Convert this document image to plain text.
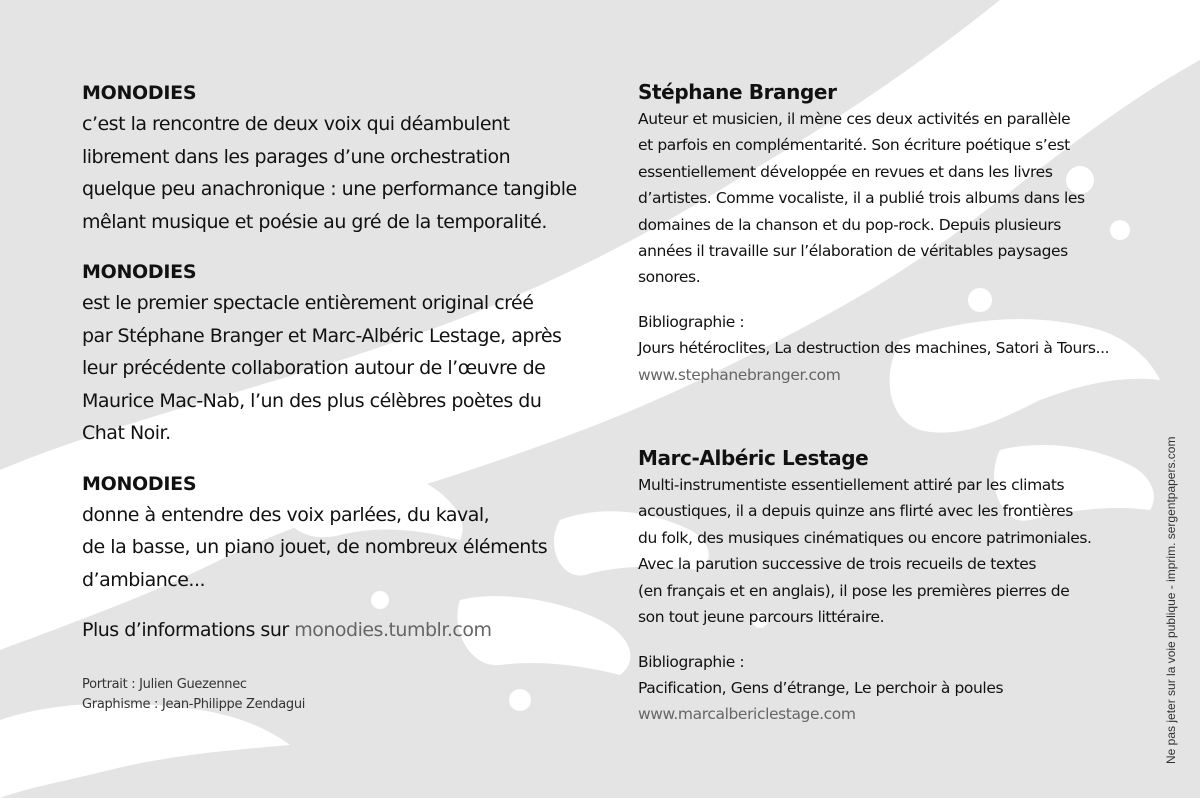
MONODIES

c’est la rencontre de deux voix qui déambulent
librement dans les parages d’une orchestration
quelque peu anachronique : une performance tangible
mêlant musique et poésie au gré de la temporalité.

MONODIES

est le premier spectacle entièrement original créé
par Stéphane Branger et Marc-Albéric Lestage, après
leur précédente collaboration autour de l’œuvre de
Maurice Mac-Nab, l’un des plus célèbres poètes du
Chat Noir.

MONODIES

donne à entendre des voix parlées, du kaval,
de la basse, un piano jouet, de nombreux éléments
d’ambiance...

Plus d’informations sur monodies.tumblr.com

Portrait : Julien Guezennec
Graphisme : Jean-Philippe Zendagui

Stéphane Branger

Auteur et musicien, il mène ces deux activités en parallèle
et parfois en complémentarité. Son écriture poétique s’est
essentiellement développée en revues et dans les livres
d’artistes. Comme vocaliste, il a publié trois albums dans les
domaines de la chanson et du pop-rock. Depuis plusieurs
années il travaille sur l’élaboration de véritables paysages
sonores.

Bibliographie :
Jours hétéroclites, La destruction des machines, Satori à Tours...
www.stephanebranger.com

Marc-Albéric Lestage

Multi-instrumentiste essentiellement attiré par les climats
acoustiques, il a depuis quinze ans flirté avec les frontières
du folk, des musiques cinématiques ou encore patrimoniales.
Avec la parution successive de trois recueils de textes
(en français et en anglais), il pose les premières pierres de
son tout jeune parcours littéraire.

Bibliographie :
Pacification, Gens d’étrange, Le perchoir à poules
www.marcalbericlestage.com	Ne pas jeter sur la voie publique - imprim. sergentpapers.com
